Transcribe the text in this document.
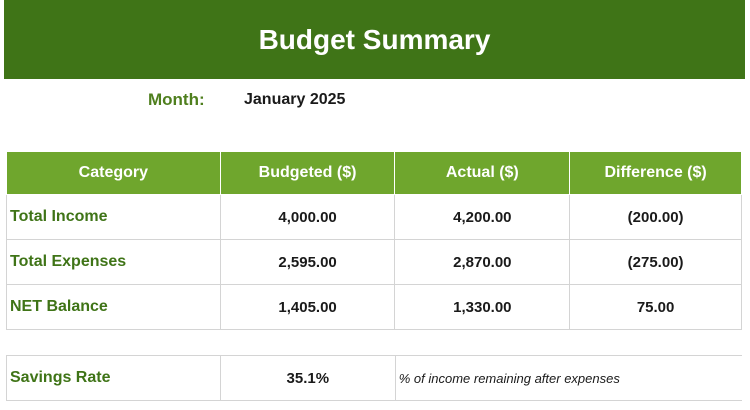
Budget Summary
Month: January 2025
Category	Budgeted ($)	Actual ($)	Difference ($)
Total Income	4,000.00	4,200.00	(200.00)
Total Expenses	2,595.00	2,870.00	(275.00)
NET Balance	1,405.00	1,330.00	75.00
Savings Rate	35.1%	% of income remaining after expenses
